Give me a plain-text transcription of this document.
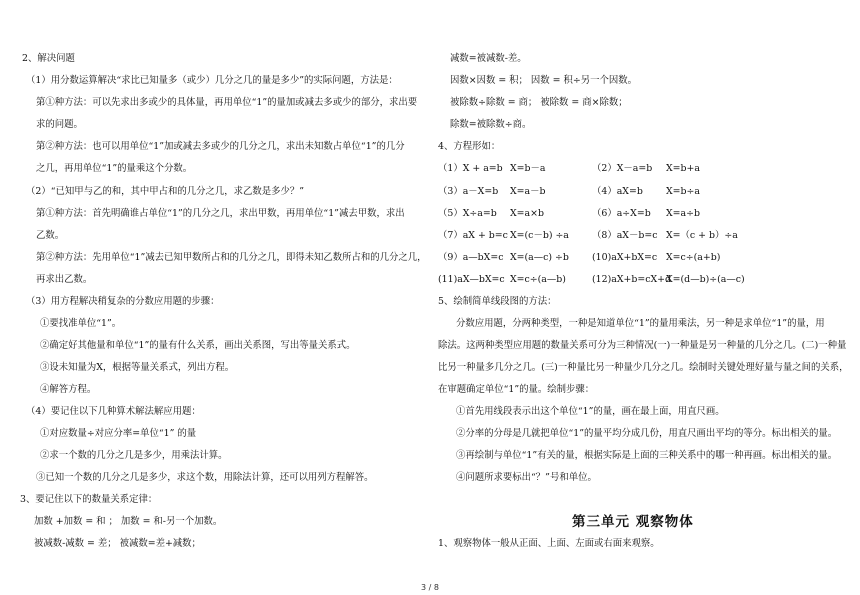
2、解决问题
（1）用分数运算解决“求比已知量多（或少）几分之几的量是多少”的实际问题，方法是：
第①种方法：可以先求出多或少的具体量，再用单位“1”的量加或减去多或少的部分，求出要
求的问题。
第②种方法：也可以用单位“1”加或减去多或少的几分之几，求出未知数占单位“1”的几分
之几，再用单位“1”的量乘这个分数。
（2）“已知甲与乙的和，其中甲占和的几分之几，求乙数是多少？”
第①种方法：首先明确谁占单位“1”的几分之几，求出甲数，再用单位“1”减去甲数，求出
乙数。
第②种方法：先用单位“1”减去已知甲数所占和的几分之几，即得未知乙数所占和的几分之几，
再求出乙数。
（3）用方程解决稍复杂的分数应用题的步骤：
①要找准单位“1”。
②确定好其他量和单位“1”的量有什么关系，画出关系图，写出等量关系式。
③设未知量为X，根据等量关系式，列出方程。
④解答方程。
（4）要记住以下几种算术解法解应用题：
①对应数量÷对应分率=单位“1” 的量
②求一个数的几分之几是多少，用乘法计算。
③已知一个数的几分之几是多少，求这个数，用除法计算，还可以用列方程解答。
3、要记住以下的数量关系定律：
加数 +加数 = 和 ； 加数 = 和-另一个加数。
被减数-减数 = 差； 被减数=差+减数；
减数=被减数-差。
因数×因数 = 积； 因数 = 积÷另一个因数。
被除数÷除数 = 商； 被除数 = 商×除数；
除数=被除数÷商。
4、方程形如：
5、绘制简单线段图的方法：
分数应用题，分两种类型，一种是知道单位“1”的量用乘法，另一种是求单位“1”的量，用
除法。这两种类型应用题的数量关系可分为三种情况(一)一种量是另一种量的几分之几。(二)一种量
比另一种量多几分之几。(三)一种量比另一种量少几分之几。绘制时关键处理好量与量之间的关系，
在审题确定单位“1”的量。绘制步骤：
①首先用线段表示出这个单位“1”的量，画在最上面，用直尺画。
②分率的分母是几就把单位“1”的量平均分成几份，用直尺画出平均的等分。标出相关的量。
③再绘制与单位“1”有关的量，根据实际是上面的三种关系中的哪一种再画。标出相关的量。
④问题所求要标出“？”号和单位。
1、观察物体一般从正面、上面、左面或右面来观察。
（1）X + a=b X=b－a	（2）X－a=b X=b+a
（3）a－X=b X=a－b	（4）aX=b X=b÷a
（5）X÷a=b X=a×b	（6）a÷X=b X=a÷b
（7）aX + b=c X=(c－b) ÷a （8）aX－b=c X=（c + b）÷a
（9）a—bX=c X=(a—c) ÷b (10)aX+bX=c X=c÷(a+b)
(11)aX—bX=c X=c÷(a—b)	(12)aX+b=cX+d
X=(d—b)÷(a—c)
第三单元 观察物体
3 / 8
